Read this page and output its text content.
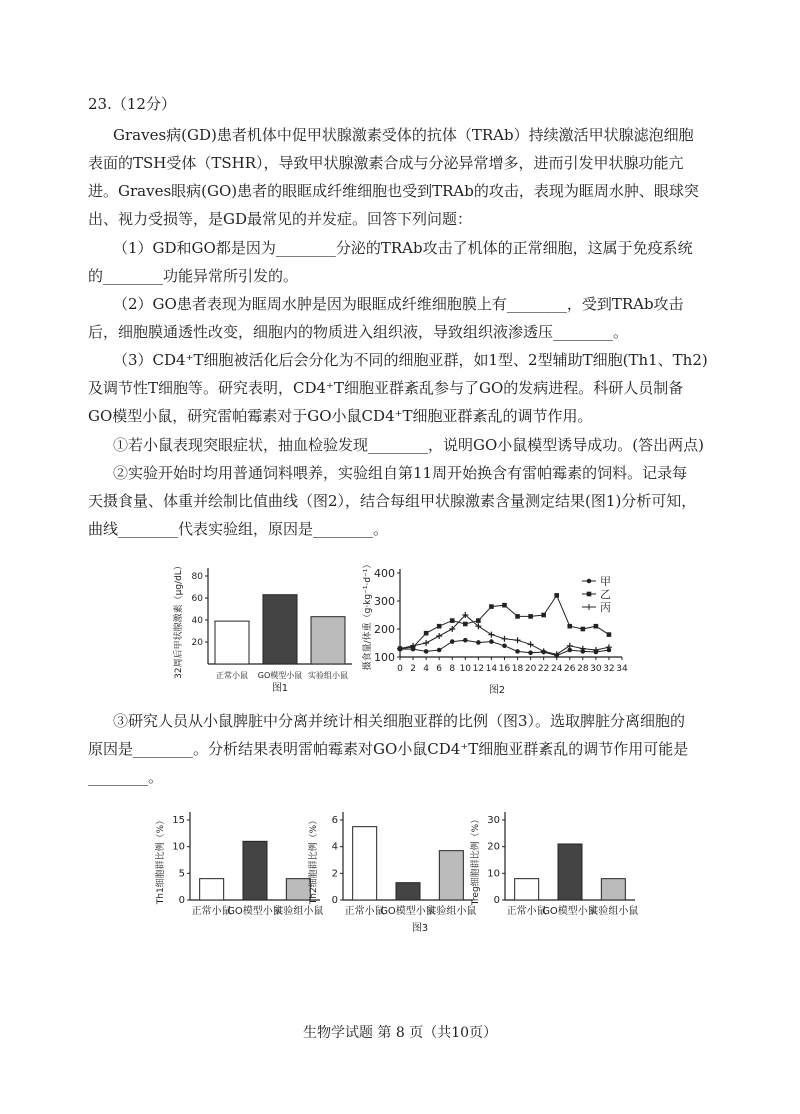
23.（12分）
Graves病(GD)患者机体中促甲状腺激素受体的抗体（TRAb）持续激活甲状腺滤泡细胞
表面的TSH受体（TSHR），导致甲状腺激素合成与分泌异常增多，进而引发甲状腺功能亢
进。Graves眼病(GO)患者的眼眶成纤维细胞也受到TRAb的攻击，表现为眶周水肿、眼球突
出、视力受损等，是GD最常见的并发症。回答下列问题：
（1）GD和GO都是因为________分泌的TRAb攻击了机体的正常细胞，这属于免疫系统
的________功能异常所引发的。
（2）GO患者表现为眶周水肿是因为眼眶成纤维细胞膜上有________，受到TRAb攻击
后，细胞膜通透性改变，细胞内的物质进入组织液，导致组织液渗透压________。
（3）CD4⁺T细胞被活化后会分化为不同的细胞亚群，如1型、2型辅助T细胞(Th1、Th2)
及调节性T细胞等。研究表明，CD4⁺T细胞亚群紊乱参与了GO的发病进程。科研人员制备
GO模型小鼠，研究雷帕霉素对于GO小鼠CD4⁺T细胞亚群紊乱的调节作用。
①若小鼠表现突眼症状，抽血检验发现________，说明GO小鼠模型诱导成功。(答出两点)
②实验开始时均用普通饲料喂养，实验组自第11周开始换含有雷帕霉素的饲料。记录每
天摄食量、体重并绘制比值曲线（图2），结合每组甲状腺激素含量测定结果(图1)分析可知，
曲线________代表实验组，原因是________。
③研究人员从小鼠脾脏中分离并统计相关细胞亚群的比例（图3）。选取脾脏分离细胞的
原因是________。分析结果表明雷帕霉素对GO小鼠CD4⁺T细胞亚群紊乱的调节作用可能是
________。
20
40
60
80
正常小鼠 GO模型小鼠 实验组小鼠
32周后甲状腺激素（μg/dL）
图1
100
200
300
400
0 2 4 6 8 10 12 14 16 18 20 22 24 26 28 30 32 34
甲
乙
丙
摄食量/体重（g·kg⁻¹·d⁻¹）
图2
0
5
10
15
正常小鼠
GO模型小鼠
实验组小鼠
Th1细胞群比例（%）	0
2
4
6
正常小鼠
GO模型小鼠
实验组小鼠
Th2细胞群比例（%）	0
10
20
30
正常小鼠
GO模型小鼠
实验组小鼠
Treg细胞群比例（%）
图3
生物学试题 第 8 页（共10页）
